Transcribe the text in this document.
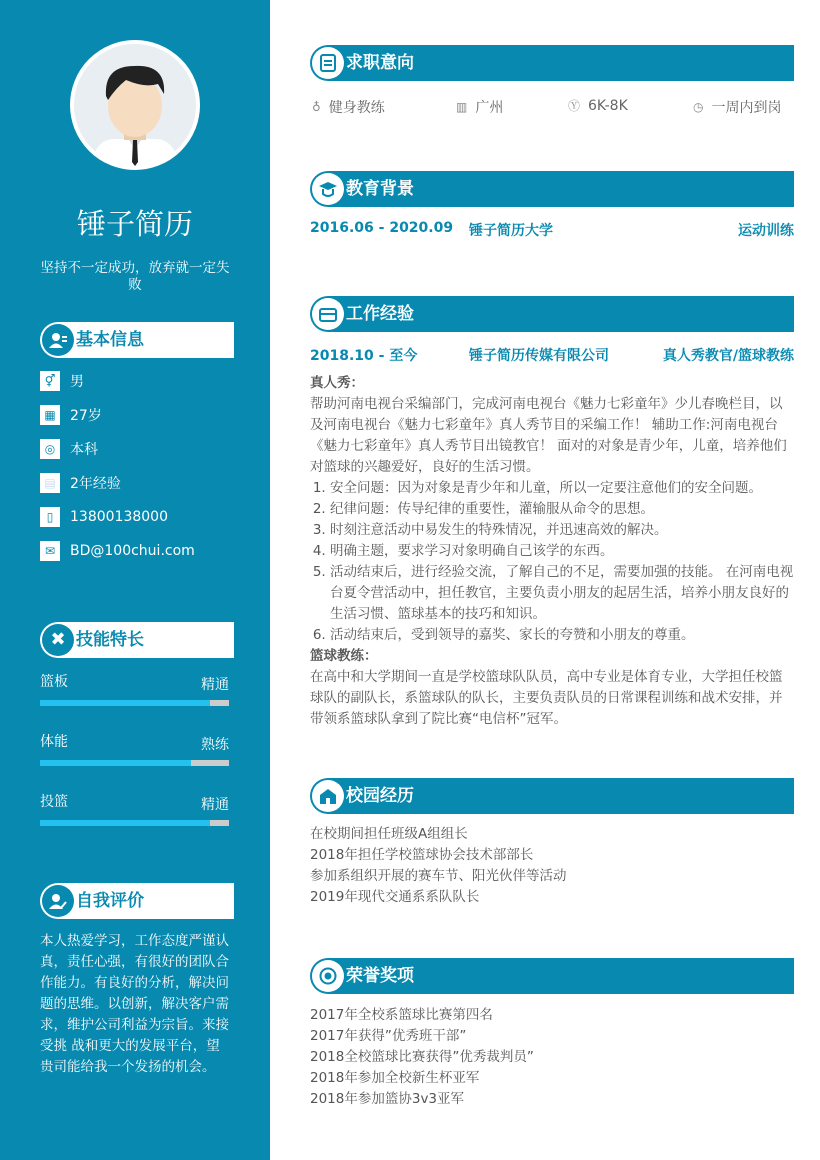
锤子简历
坚持不一定成功，放弃就一定失败
基本信息
⚥	男
▦	27岁
◎	本科
▤	2年经验
▯	13800138000
✉	BD@100chui.com
✖ 技能特长
篮板	精通
体能	熟练
投篮	精通
自我评价
本人热爱学习，工作态度严谨认真，责任心强，有很好的团队合作能力。有良好的分析，解决问题的思维。以创新，解决客户需求，维护公司利益为宗旨。来接受挑 战和更大的发展平台，望贵司能给我一个发扬的机会。
求职意向
♁ 健身教练	▥ 广州	Ⓨ 6K-8K	◷ 一周内到岗
教育背景
2016.06 - 2020.09 锤子简历大学	运动训练
工作经验
2018.10 - 至今	锤子简历传媒有限公司	真人秀教官/篮球教练
真人秀：
帮助河南电视台采编部门，完成河南电视台《魅力七彩童年》少儿春晚栏目，以及河南电视台《魅力七彩童年》真人秀节目的采编工作！ 辅助工作:河南电视台《魅力七彩童年》真人秀节目出镜教官！ 面对的对象是青少年，儿童，培养他们对篮球的兴趣爱好，良好的生活习惯。
1. 安全问题：因为对象是青少年和儿童，所以一定要注意他们的安全问题。
2. 纪律问题：传导纪律的重要性，灌输服从命令的思想。
3. 时刻注意活动中易发生的特殊情况，并迅速高效的解决。
4. 明确主题，要求学习对象明确自己该学的东西。
5. 活动结束后，进行经验交流，了解自己的不足，需要加强的技能。 在河南电视台夏令营活动中，担任教官，主要负责小朋友的起居生活，培养小朋友良好的生活习惯、篮球基本的技巧和知识。
6. 活动结束后，受到领导的嘉奖、家长的夸赞和小朋友的尊重。
篮球教练：
在高中和大学期间一直是学校篮球队队员，高中专业是体育专业，大学担任校篮球队的副队长，系篮球队的队长，主要负责队员的日常课程训练和战术安排，并带领系篮球队拿到了院比赛“电信杯”冠军。
校园经历
在校期间担任班级A组组长
2018年担任学校篮球协会技术部部长
参加系组织开展的赛车节、阳光伙伴等活动
2019年现代交通系系队队长
荣誉奖项
2017年全校系篮球比赛第四名
2017年获得”优秀班干部”
2018全校篮球比赛获得”优秀裁判员”
2018年参加全校新生杯亚军
2018年参加篮协3v3亚军
